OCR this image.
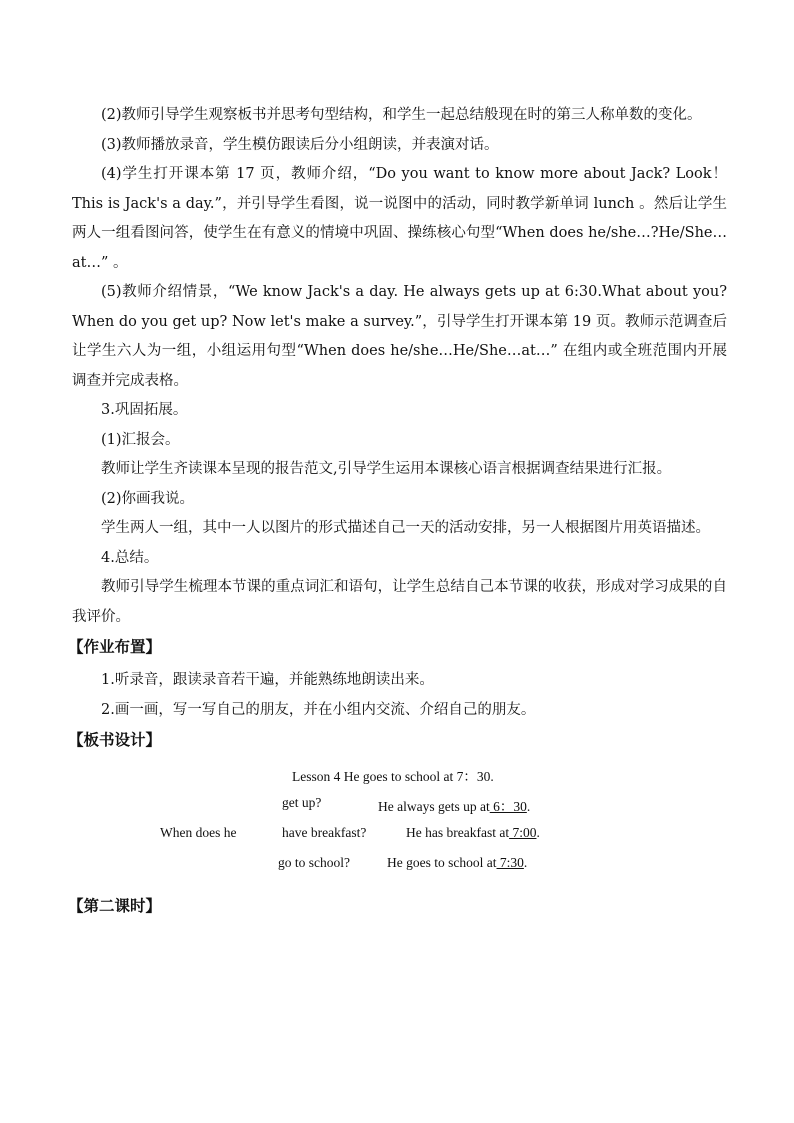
(2)教师引导学生观察板书并思考句型结构，和学生一起总结般现在时的第三人称单数的变化。

(3)教师播放录音，学生模仿跟读后分小组朗读，并表演对话。

(4)学生打开课本第 17 页，教师介绍，“Do you want to know more about Jack? Look！ This is Jack's a day.”，并引导学生看图，说一说图中的活动，同时教学新单词 lunch 。然后让学生两人一组看图问答，使学生在有意义的情境中巩固、操练核心句型“When does he/she…?He/She…at…” 。

(5)教师介绍情景，“We know Jack's a day. He always gets up at 6:30.What about you? When do you get up? Now let's make a survey.”，引导学生打开课本第 19 页。教师示范调查后让学生六人为一组，小组运用句型“When does he/she…He/She…at…” 在组内或全班范围内开展调查并完成表格。

3.巩固拓展。

(1)汇报会。

教师让学生齐读课本呈现的报告范文,引导学生运用本课核心语言根据调查结果进行汇报。

(2)你画我说。

学生两人一组，其中一人以图片的形式描述自己一天的活动安排，另一人根据图片用英语描述。

4.总结。

教师引导学生梳理本节课的重点词汇和语句，让学生总结自己本节课的收获，形成对学习成果的自我评价。

【作业布置】

1.听录音，跟读录音若干遍，并能熟练地朗读出来。

2.画一画，写一写自己的朋友，并在小组内交流、介绍自己的朋友。

【板书设计】

Lesson 4 He goes to school at 7：30.
get up?	He always gets up at 6：30.
When does he	have breakfast?	He has breakfast at 7:00.
go to school?	He goes to school at 7:30.

【第二课时】
